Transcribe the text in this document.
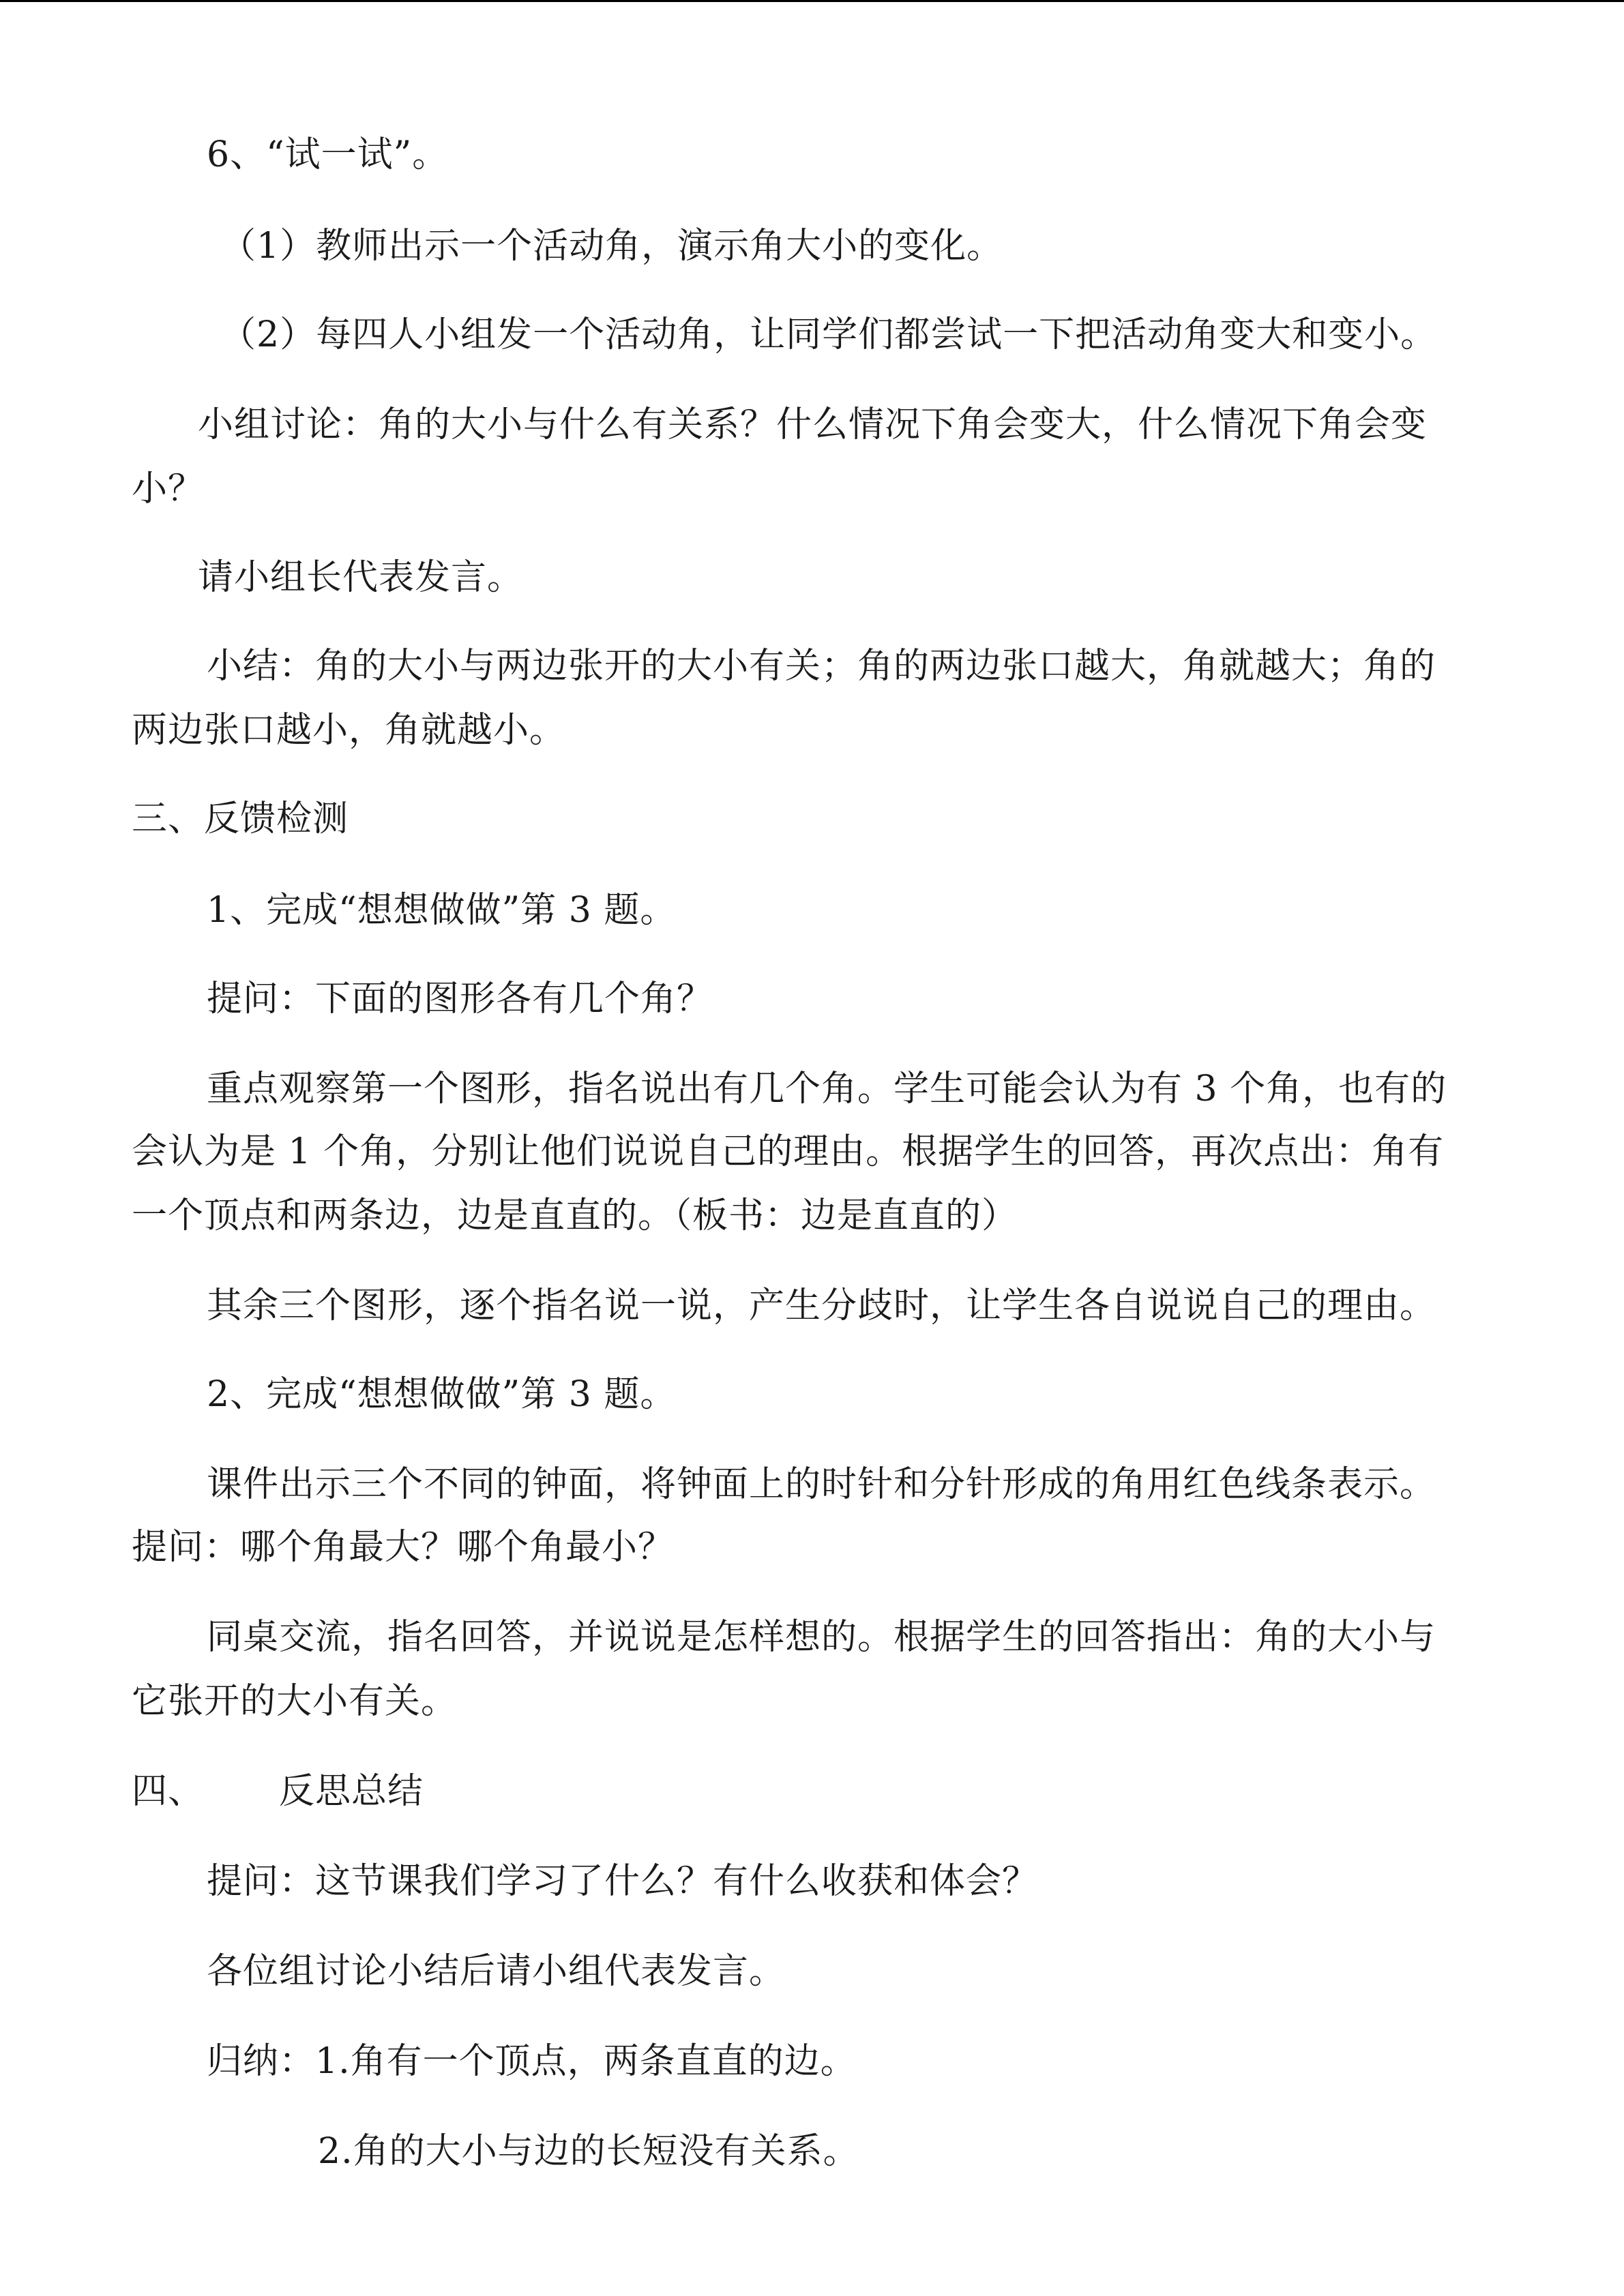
6、“试一试”。
（1）教师出示一个活动角，演示角大小的变化。
（2）每四人小组发一个活动角，让同学们都尝试一下把活动角变大和变小。
小组讨论：角的大小与什么有关系？什么情况下角会变大，什么情况下角会变
小？
请小组长代表发言。
小结：角的大小与两边张开的大小有关；角的两边张口越大，角就越大；角的
两边张口越小，角就越小。
三、反馈检测
1、完成“想想做做”第 3 题。
提问：下面的图形各有几个角？
重点观察第一个图形，指名说出有几个角。学生可能会认为有 3 个角，也有的
会认为是 1 个角，分别让他们说说自己的理由。根据学生的回答，再次点出：角有
一个顶点和两条边，边是直直的。（板书：边是直直的）
其余三个图形，逐个指名说一说，产生分歧时，让学生各自说说自己的理由。
2、完成“想想做做”第 3 题。
课件出示三个不同的钟面，将钟面上的时针和分针形成的角用红色线条表示。
提问：哪个角最大？哪个角最小？
同桌交流，指名回答，并说说是怎样想的。根据学生的回答指出：角的大小与
它张开的大小有关。
四、 反思总结
提问：这节课我们学习了什么？有什么收获和体会？
各位组讨论小结后请小组代表发言。
归纳：1.角有一个顶点，两条直直的边。
2.角的大小与边的长短没有关系。
